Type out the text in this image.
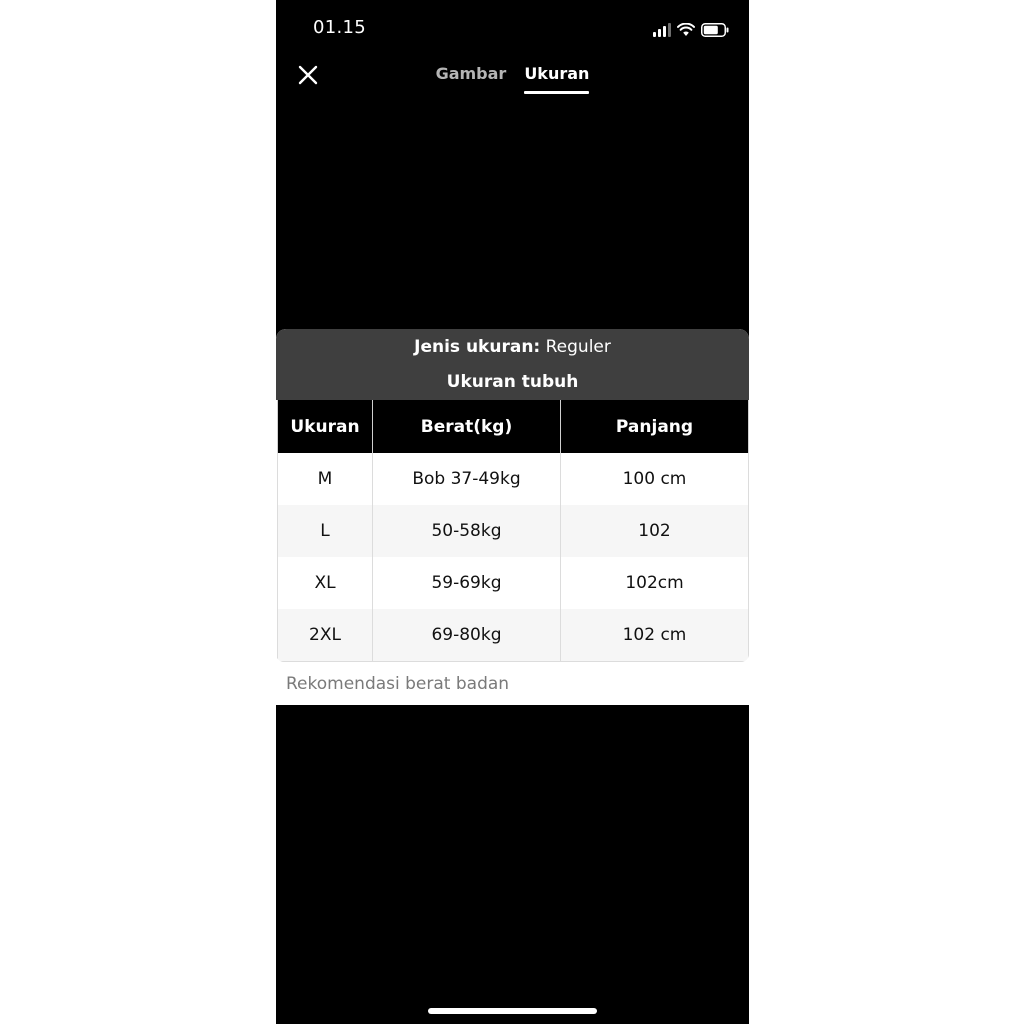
01.15
Gambar Ukuran
Jenis ukuran: Reguler
Ukuran tubuh
Ukuran	Berat(kg)	Panjang
M	Bob 37-49kg	100 cm
L	50-58kg	102
XL	59-69kg	102cm
2XL	69-80kg	102 cm
Rekomendasi berat badan
